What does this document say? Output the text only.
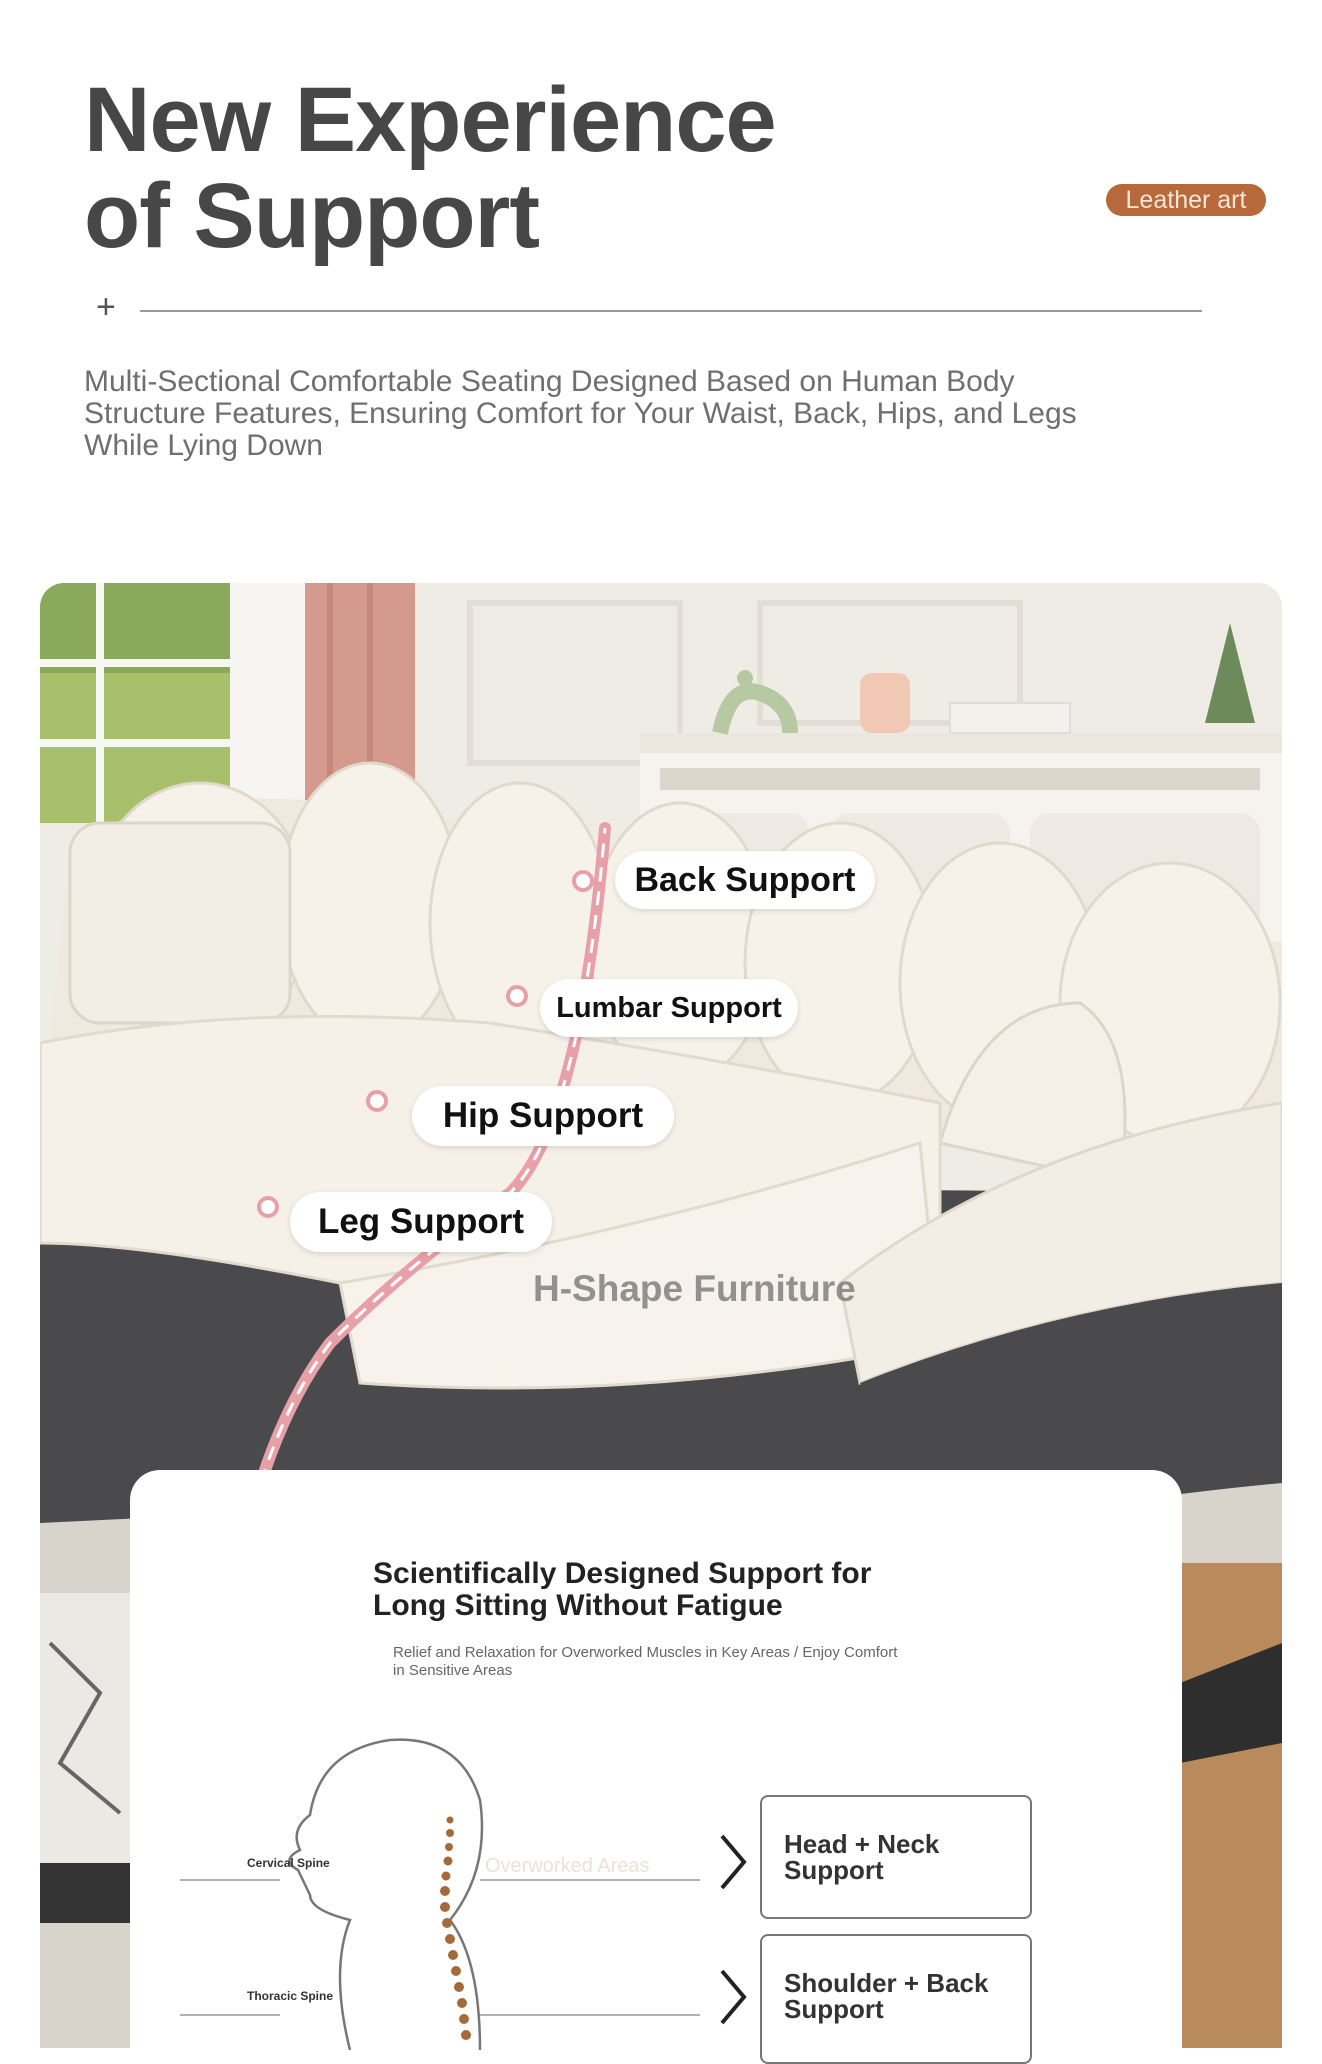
New Experience
of Support	Leather art
+

Multi-Sectional Comfortable Seating Designed Based on Human Body Structure Features, Ensuring Comfort for Your Waist, Back, Hips, and Legs While Lying Down

Back Support
Lumbar Support
Hip Support
Leg Support
H-Shape Furniture
Scientifically Designed Support for Long Sitting Without Fatigue

Relief and Relaxation for Overworked Muscles in Key Areas / Enjoy Comfort in Sensitive Areas

Overworked Areas
Cervical Spine
Thoracic Spine
Head + Neck
Support
Shoulder + Back
Support
